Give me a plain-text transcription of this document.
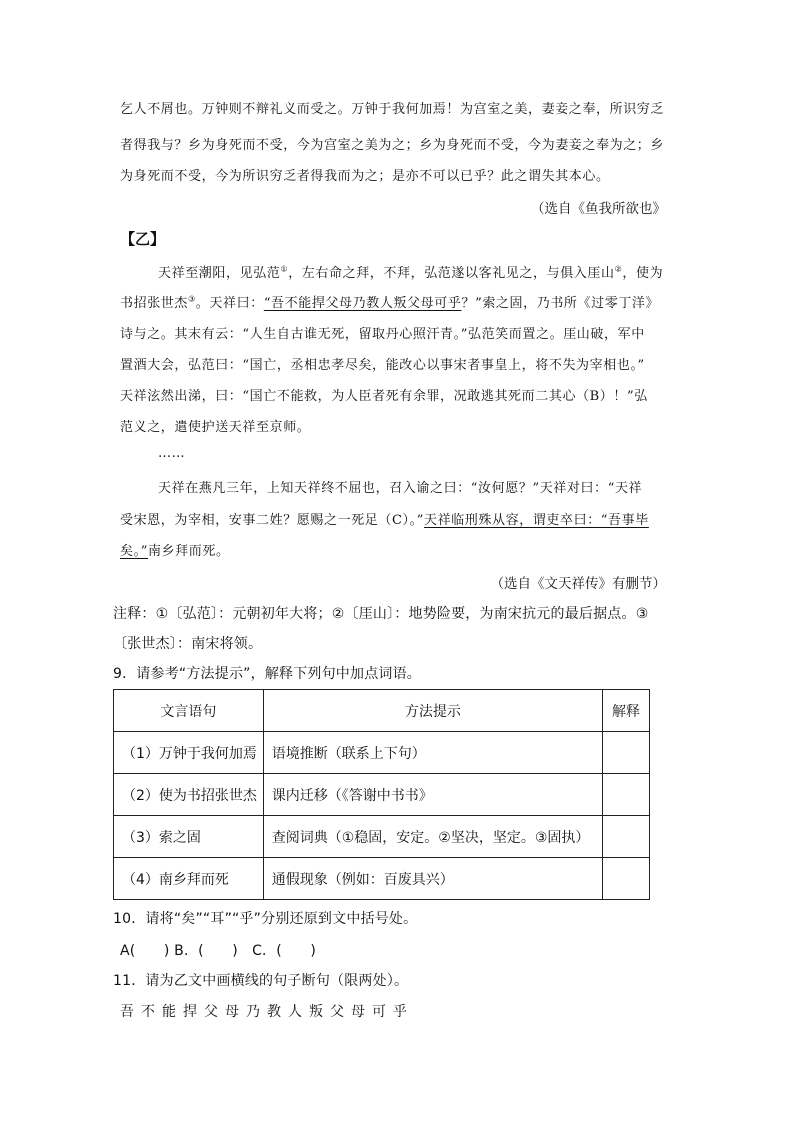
乞人不屑也。万钟则不辩礼义而受之。万钟于我何加焉！为宫室之美，妻妾之奉，所识穷乏
者得我与？乡为身死而不受，今为宫室之美为之；乡为身死而不受，今为妻妾之奉为之；乡
为身死而不受，今为所识穷乏者得我而为之；是亦不可以已乎？此之谓失其本心。
（选自《鱼我所欲也》
【乙】
天祥至潮阳，见弘范①，左右命之拜，不拜，弘范遂以客礼见之，与俱入厓山②，使为
书招张世杰③。天祥曰：“吾不能捍父母乃教人叛父母可乎？”索之固，乃书所《过零丁洋》
诗与之。其末有云：“人生自古谁无死，留取丹心照汗青。”弘范笑而置之。厓山破，军中
置酒大会，弘范曰：“国亡，丞相忠孝尽矣，能改心以事宋者事皇上，将不失为宰相也。”
天祥泫然出涕，曰：“国亡不能救，为人臣者死有余罪，况敢逃其死而二其心（B）！”弘
范义之，遣使护送天祥至京师。
……
天祥在燕凡三年，上知天祥终不屈也，召入谕之曰：“汝何愿？”天祥对曰：“天祥
受宋恩，为宰相，安事二姓？愿赐之一死足（C）。”天祥临刑殊从容，谓吏卒曰：“吾事毕
矣。”南乡拜而死。
（选自《文天祥传》有删节）
注释：①〔弘范〕：元朝初年大将；②〔厓山〕：地势险要，为南宋抗元的最后据点。③
〔张世杰〕：南宋将领。
9．请参考“方法提示”，解释下列句中加点词语。
文言语句	方法提示	解释
（1）万钟于我何加焉	语境推断（联系上下句）	
（2）使为书招张世杰	课内迁移（《答谢中书书》	
（3）索之固	查阅词典（①稳固，安定。②坚决，坚定。③固执）	
（4）南乡拜而死	通假现象（例如：百废具兴）	
10．请将“矣”“耳”“乎”分别还原到文中括号处。
A(　　) B．(　　)　C．(　　)
11．请为乙文中画横线的句子断句（限两处）。
吾不能捍父母乃教人叛父母可乎
